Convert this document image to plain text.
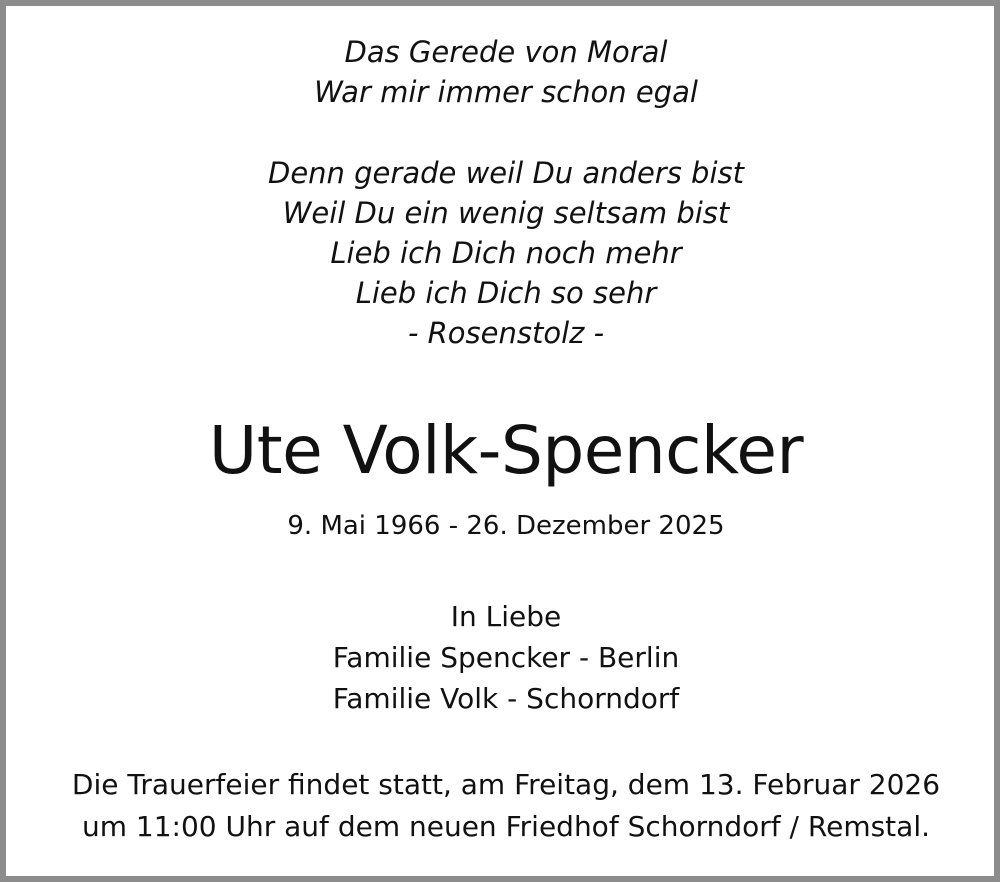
Das Gerede von Moral
War mir immer schon egal
Denn gerade weil Du anders bist
Weil Du ein wenig seltsam bist
Lieb ich Dich noch mehr
Lieb ich Dich so sehr
- Rosenstolz -
Ute Volk-Spencker
9. Mai 1966 - 26. Dezember 2025
In Liebe
Familie Spencker - Berlin
Familie Volk - Schorndorf
Die Trauerfeier findet statt, am Freitag, dem 13. Februar 2026
um 11:00 Uhr auf dem neuen Friedhof Schorndorf / Remstal.
